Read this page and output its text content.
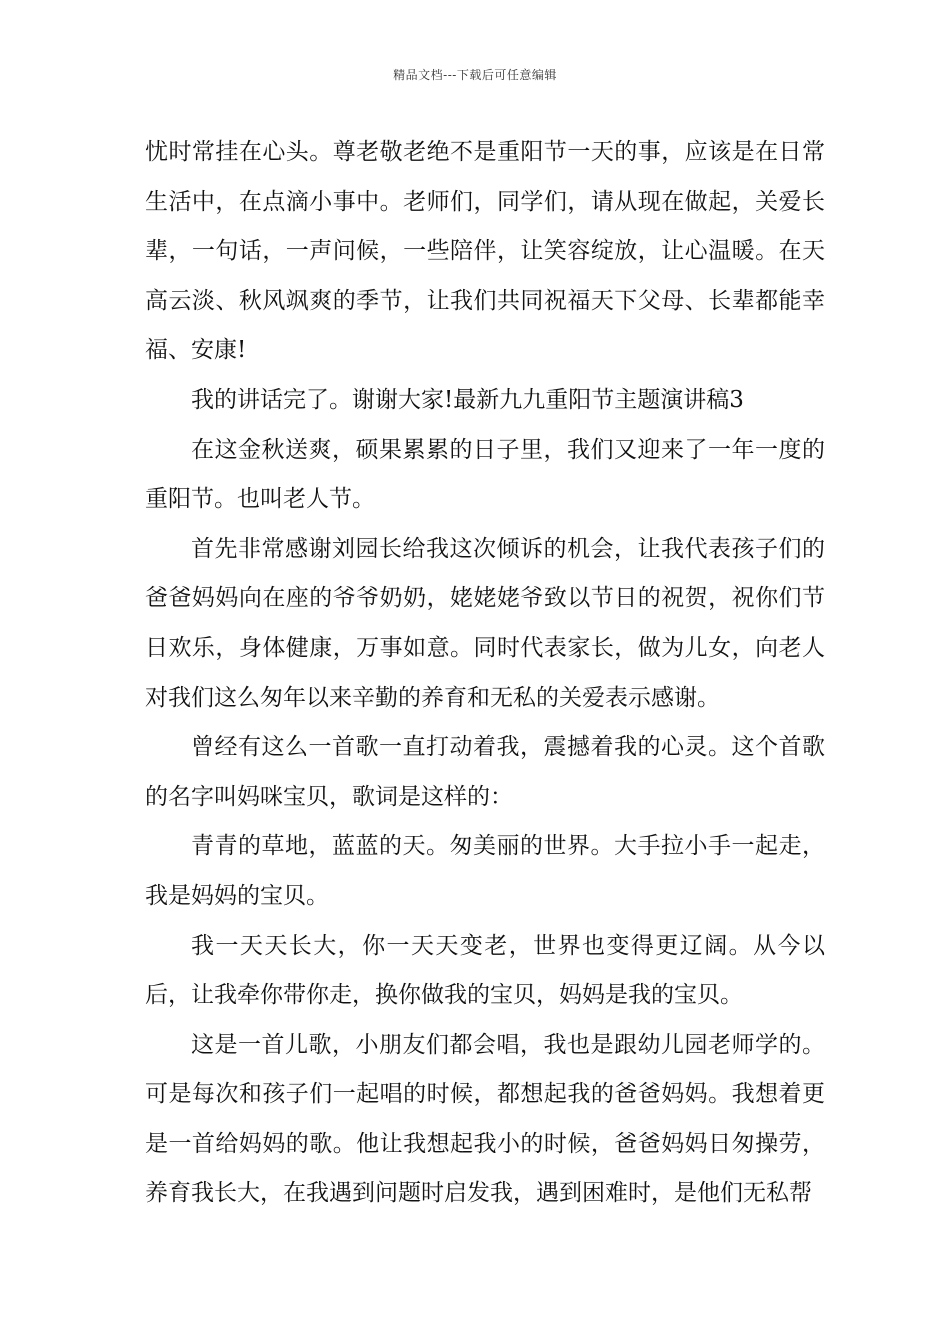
精品文档---下载后可任意编辑

忧时常挂在心头。尊老敬老绝不是重阳节一天的事，应该是在日常生活中，在点滴小事中。老师们，同学们，请从现在做起，关爱长辈，一句话，一声问候，一些陪伴，让笑容绽放，让心温暖。在天高云淡、秋风飒爽的季节，让我们共同祝福天下父母、长辈都能幸福、安康!

我的讲话完了。谢谢大家!最新九九重阳节主题演讲稿3

在这金秋送爽，硕果累累的日子里，我们又迎来了一年一度的重阳节。也叫老人节。

首先非常感谢刘园长给我这次倾诉的机会，让我代表孩子们的爸爸妈妈向在座的爷爷奶奶，姥姥姥爷致以节日的祝贺，祝你们节日欢乐，身体健康，万事如意。同时代表家长，做为儿女，向老人对我们这么匆年以来辛勤的养育和无私的关爱表示感谢。

曾经有这么一首歌一直打动着我，震撼着我的心灵。这个首歌的名字叫妈咪宝贝，歌词是这样的：

青青的草地，蓝蓝的天。匆美丽的世界。大手拉小手一起走，我是妈妈的宝贝。

我一天天长大，你一天天变老，世界也变得更辽阔。从今以后，让我牵你带你走，换你做我的宝贝，妈妈是我的宝贝。

这是一首儿歌，小朋友们都会唱，我也是跟幼儿园老师学的。可是每次和孩子们一起唱的时候，都想起我的爸爸妈妈。我想着更是一首给妈妈的歌。他让我想起我小的时候，爸爸妈妈日匆操劳，养育我长大，在我遇到问题时启发我，遇到困难时，是他们无私帮
